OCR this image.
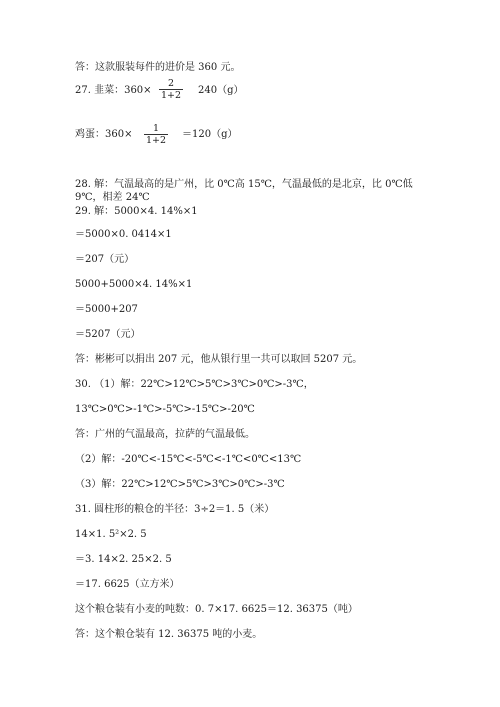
答：这款服装每件的进价是 360 元。
27. 韭菜：360×
2
1+2 240（g）
鸡蛋：360×
1
1+2
＝120（g）
28. 解：气温最高的是广州，比 0℃高 15℃，气温最低的是北京，比 0℃低
9℃，相差 24℃
29. 解：5000×4. 14%×1
＝5000×0. 0414×1
＝207（元）
5000+5000×4. 14%×1
＝5000+207
＝5207（元）
答：彬彬可以捐出 207 元，他从银行里一共可以取回 5207 元。
30. （1）解：22℃>12℃>5℃>3℃>0℃>-3℃，
13℃>0℃>-1℃>-5℃>-15℃>-20℃
答：广州的气温最高，拉萨的气温最低。
（2）解：-20℃<-15℃<-5℃<-1℃<0℃<13℃
（3）解：22℃>12℃>5℃>3℃>0℃>-3℃
31. 圆柱形的粮仓的半径：3÷2＝1. 5（米）
14×1. 5²×2. 5
＝3. 14×2. 25×2. 5
＝17. 6625（立方米）
这个粮仓装有小麦的吨数：0. 7×17. 6625＝12. 36375（吨）
答：这个粮仓装有 12. 36375 吨的小麦。
